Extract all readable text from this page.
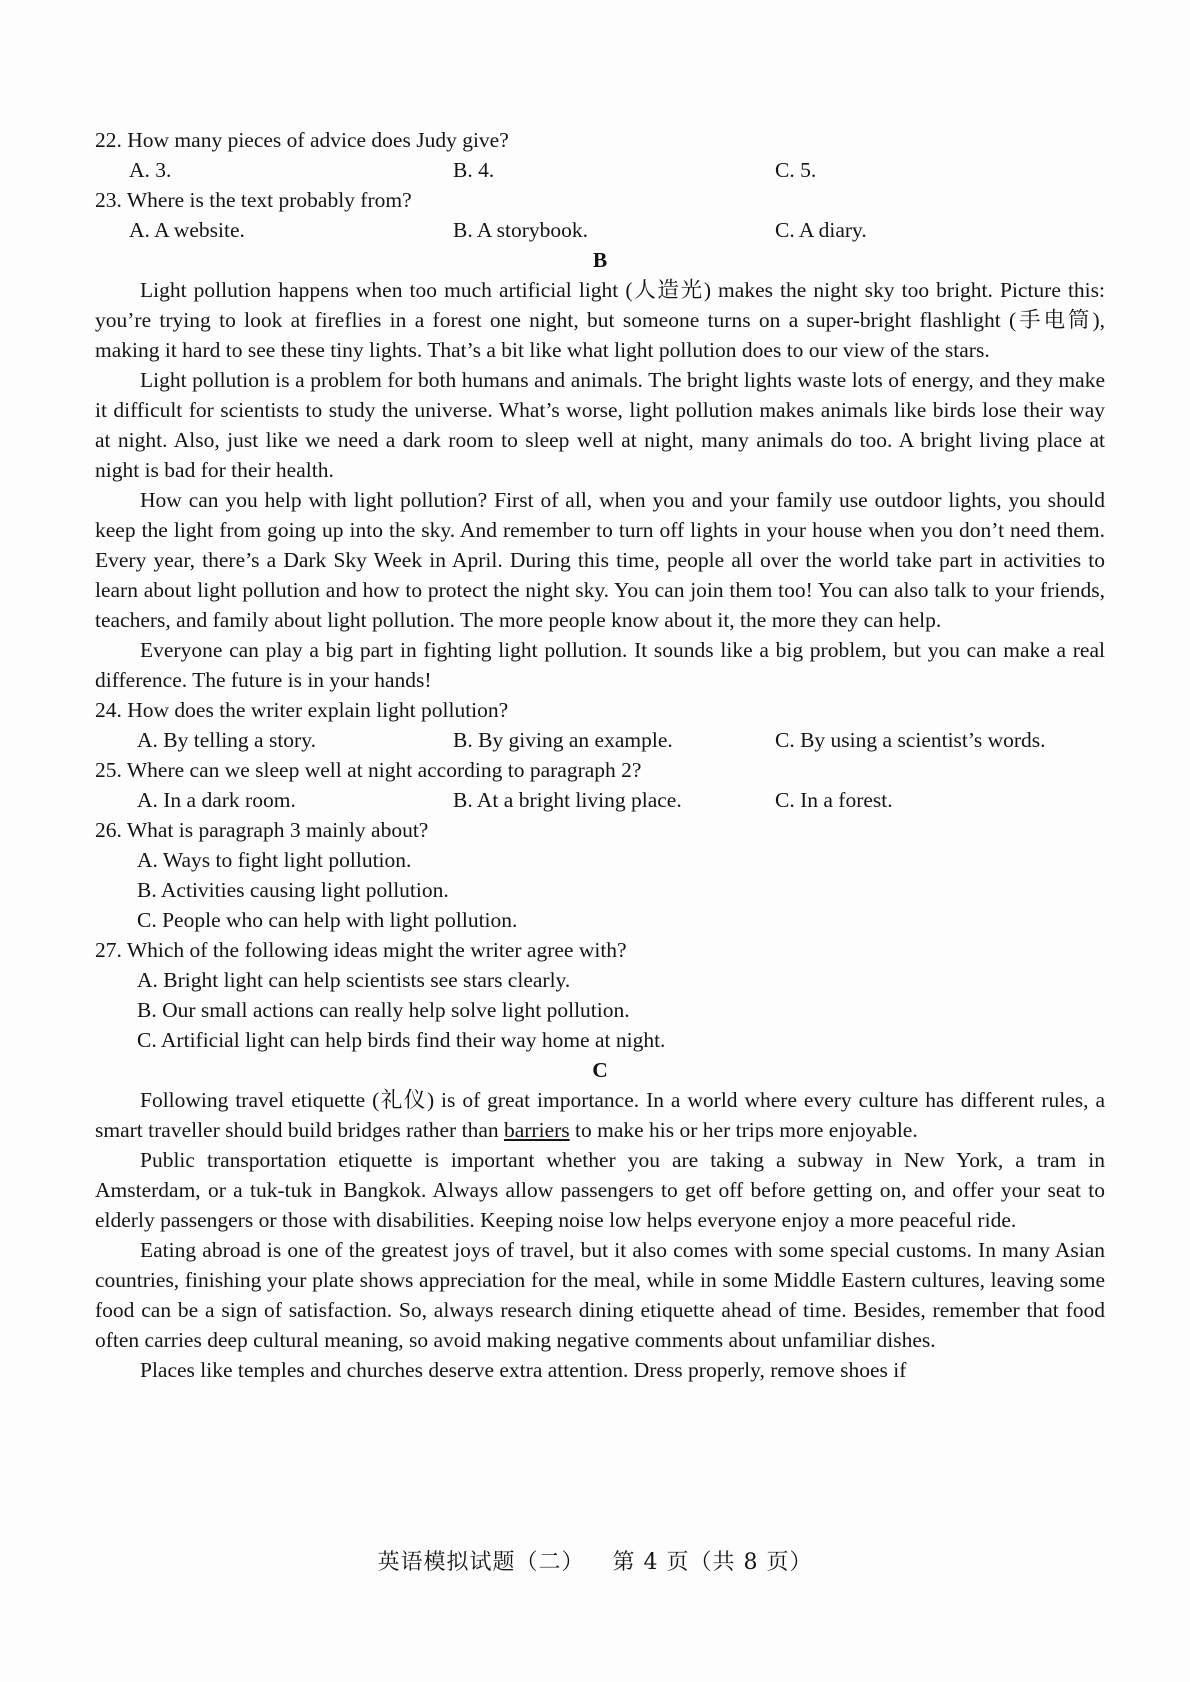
22. How many pieces of advice does Judy give?

A. 3.	B. 4.	C. 5.

23. Where is the text probably from?

A. A website.	B. A storybook.	C. A diary.

B

Light pollution happens when too much artificial light (人造光) makes the night sky too bright. Picture this: you’re trying to look at fireflies in a forest one night, but someone turns on a super-bright flashlight (手电筒), making it hard to see these tiny lights. That’s a bit like what light pollution does to our view of the stars.

Light pollution is a problem for both humans and animals. The bright lights waste lots of energy, and they make it difficult for scientists to study the universe. What’s worse, light pollution makes animals like birds lose their way at night. Also, just like we need a dark room to sleep well at night, many animals do too. A bright living place at night is bad for their health.

How can you help with light pollution? First of all, when you and your family use outdoor lights, you should keep the light from going up into the sky. And remember to turn off lights in your house when you don’t need them. Every year, there’s a Dark Sky Week in April. During this time, people all over the world take part in activities to learn about light pollution and how to protect the night sky. You can join them too! You can also talk to your friends, teachers, and family about light pollution. The more people know about it, the more they can help.

Everyone can play a big part in fighting light pollution. It sounds like a big problem, but you can make a real difference. The future is in your hands!

24. How does the writer explain light pollution?

A. By telling a story.	B. By giving an example.	C. By using a scientist’s words.

25. Where can we sleep well at night according to paragraph 2?

A. In a dark room.	B. At a bright living place.	C. In a forest.

26. What is paragraph 3 mainly about?

A. Ways to fight light pollution.

B. Activities causing light pollution.

C. People who can help with light pollution.

27. Which of the following ideas might the writer agree with?

A. Bright light can help scientists see stars clearly.

B. Our small actions can really help solve light pollution.

C. Artificial light can help birds find their way home at night.

C

Following travel etiquette (礼仪) is of great importance. In a world where every culture has different rules, a smart traveller should build bridges rather than barriers to make his or her trips more enjoyable.

Public transportation etiquette is important whether you are taking a subway in New York, a tram in Amsterdam, or a tuk-tuk in Bangkok. Always allow passengers to get off before getting on, and offer your seat to elderly passengers or those with disabilities. Keeping noise low helps everyone enjoy a more peaceful ride.

Eating abroad is one of the greatest joys of travel, but it also comes with some special customs. In many Asian countries, finishing your plate shows appreciation for the meal, while in some Middle Eastern cultures, leaving some food can be a sign of satisfaction. So, always research dining etiquette ahead of time. Besides, remember that food often carries deep cultural meaning, so avoid making negative comments about unfamiliar dishes.

Places like temples and churches deserve extra attention. Dress properly, remove shoes if

英语模拟试题（二） 第 4 页（共 8 页）
